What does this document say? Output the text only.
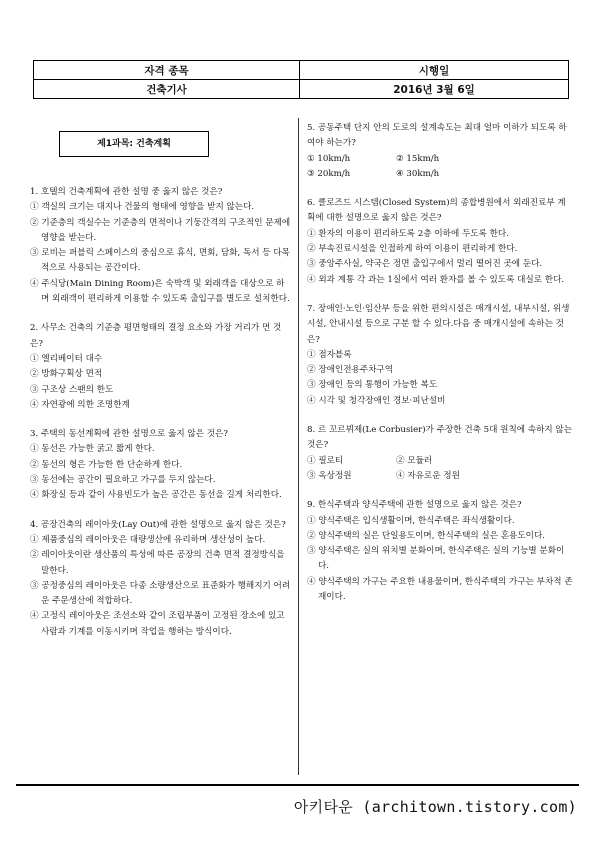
자격 종목	시행일
건축기사	2016년 3월 6일
제1과목: 건축계획
1. 호텔의 건축계획에 관한 설명 중 옳지 않은 것은?
① 객실의 크기는 대지나 건물의 형태에 영향을 받지 않는다.
② 기준층의 객실수는 기준층의 면적이나 기둥간격의 구조적인 문제에 영향을 받는다.
③ 로비는 퍼블릭 스페이스의 중심으로 휴식, 면회, 담화, 독서 등 다목적으로 사용되는 공간이다.
④ 주식당(Main Dining Room)은 숙박객 및 외래객을 대상으로 하며 외래객이 편리하게 이용할 수 있도록 출입구를 별도로 설치한다.
2. 사무소 건축의 기준층 평면형태의 결정 요소와 가장 거리가 먼 것은?
① 엘리베이터 대수
② 방화구획상 면적
③ 구조상 스팬의 한도
④ 자연광에 의한 조명한계
3. 주택의 동선계획에 관한 설명으로 옳지 않은 것은?
① 동선은 가능한 굵고 짧게 한다.
② 동선의 형은 가능한 한 단순하게 한다.
③ 동선에는 공간이 필요하고 가구를 두지 않는다.
④ 화장실 등과 같이 사용빈도가 높은 공간은 동선을 길게 처리한다.
4. 공장건축의 레이아웃(Lay Out)에 관한 설명으로 옳지 않은 것은?
① 제품중심의 레이아웃은 대량생산에 유리하며 생산성이 높다.
② 레이아웃이란 생산품의 특성에 따른 공장의 건축 면적 결정방식을 말한다.
③ 공정중심의 레이아웃은 다종 소량생산으로 표준화가 행해지기 어려운 주문생산에 적합하다.
④ 고정식 레이아웃은 조선소와 같이 조립부품이 고정된 장소에 있고 사람과 기계를 이동시키며 작업을 행하는 방식이다.
5. 공동주택 단지 안의 도로의 설계속도는 최대 얼마 이하가 되도록 하여야 하는가?
① 10km/h	② 15km/h
③ 20km/h	④ 30km/h
6. 클로즈드 시스템(Closed System)의 종합병원에서 외래진료부 계획에 대한 설명으로 옳지 않은 것은?
① 환자의 이용이 편리하도록 2층 이하에 두도록 한다.
② 부속진료시설을 인접하게 하여 이용이 편리하게 한다.
③ 중앙주사실, 약국은 정면 출입구에서 멀리 떨어진 곳에 둔다.
④ 외과 계통 각 과는 1실에서 여러 환자를 볼 수 있도록 대실로 한다.
7. 장애인·노인·임산부 등을 위한 편의시설은 매개시설, 내부시설, 위생시설, 안내시설 등으로 구분 할 수 있다.다음 중 매개시설에 속하는 것은?
① 점자블록
② 장애인전용주차구역
③ 장애인 등의 통행이 가능한 복도
④ 시각 및 청각장애인 경보·피난설비
8. 르 꼬르뷔제(Le Corbusier)가 주장한 건축 5대 원칙에 속하지 않는 것은?
① 필로티	② 모듈러
③ 옥상정원	④ 자유로운 정원
9. 한식주택과 양식주택에 관한 설명으로 옳지 않은 것은?
① 양식주택은 입식생활이며, 한식주택은 좌식생활이다.
② 양식주택의 실은 단일용도이며, 한식주택의 실은 혼용도이다.
③ 양식주택은 실의 위치별 분화이며, 한식주택은 실의 기능별 분화이다.
④ 양식주택의 가구는 주요한 내용물이며, 한식주택의 가구는 부차적 존재이다.
아키타운 (architown.tistory.com)
